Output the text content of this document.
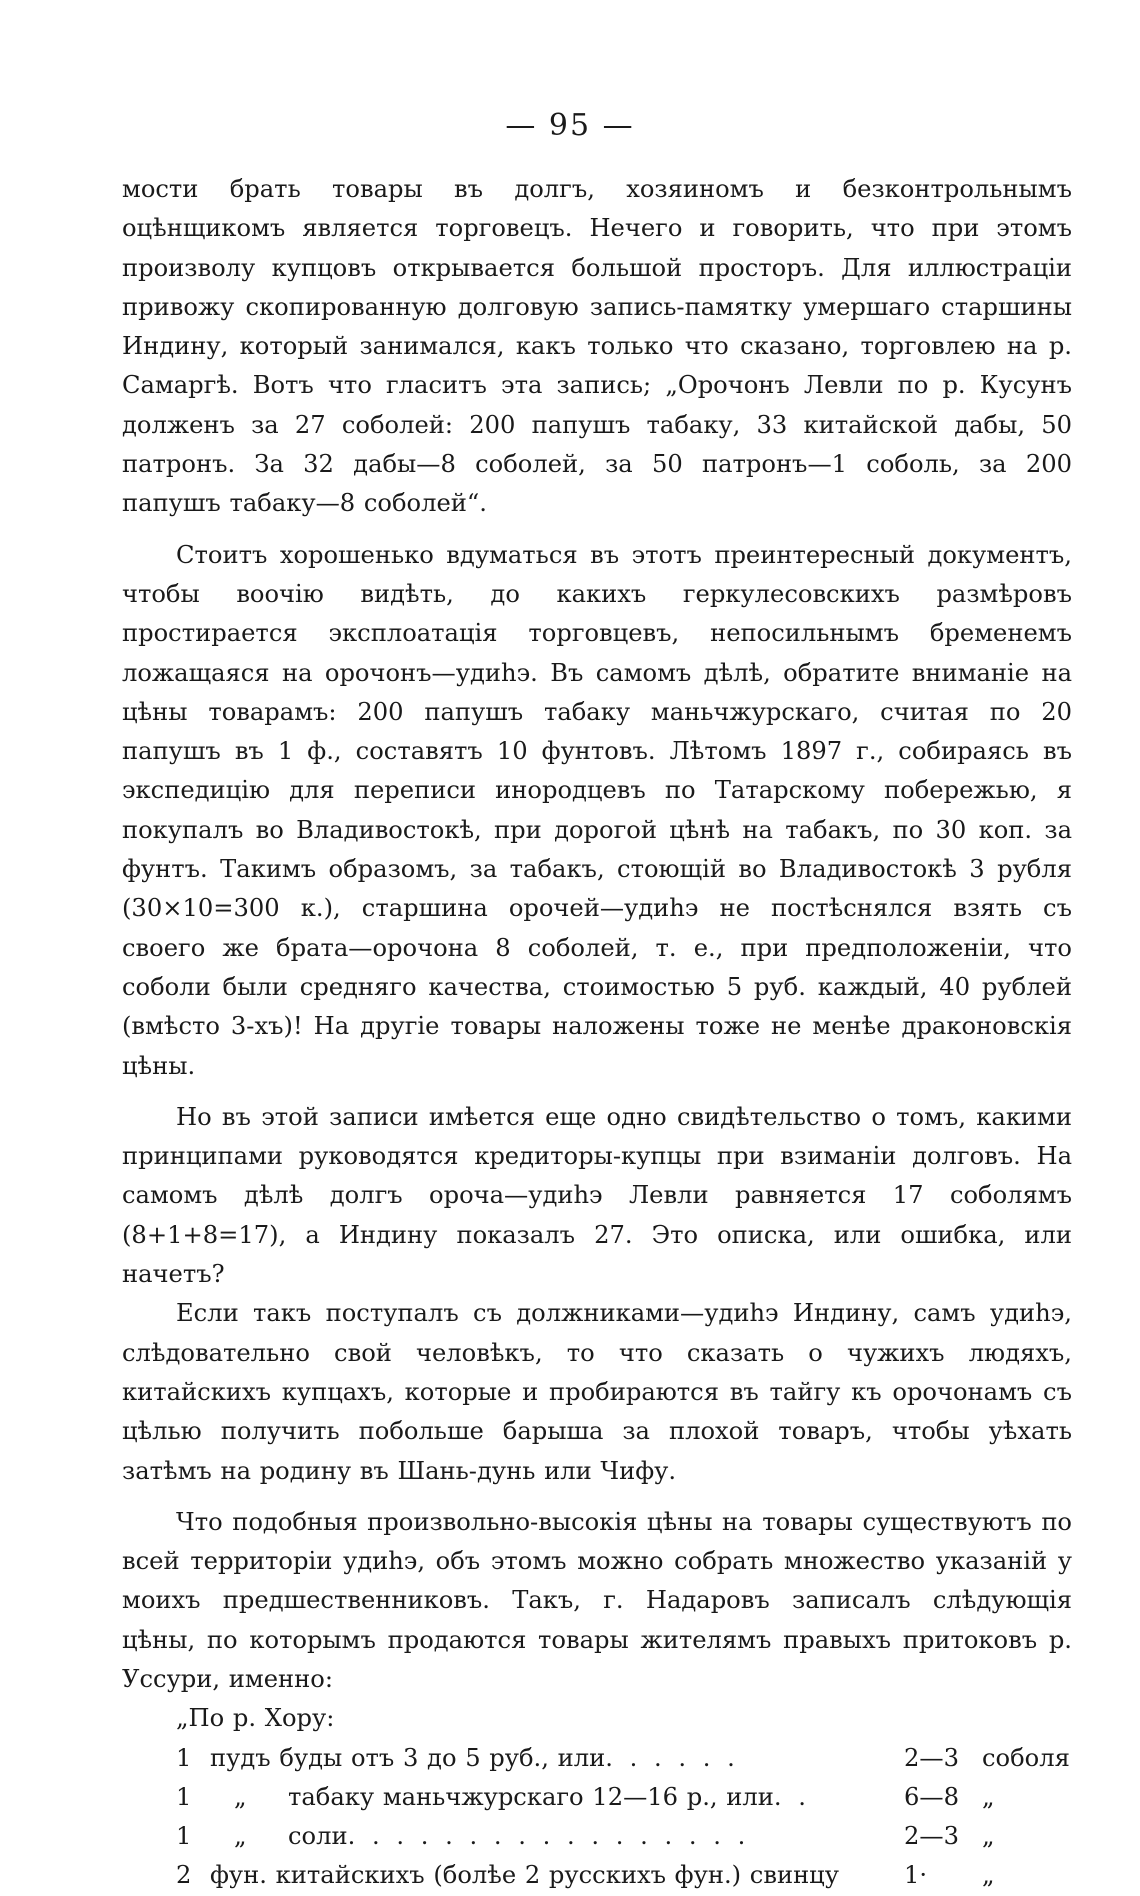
— 95 —

мости брать товары въ долгъ, хозяиномъ и безконтрольнымъ оцѣнщикомъ является торговецъ. Нечего и говорить, что при этомъ произволу купцовъ открывается большой просторъ. Для иллюстраціи привожу скопированную долговую запись-памятку умершаго старшины Индину, который занимался, какъ только что сказано, торговлею на р. Самаргѣ. Вотъ что гласитъ эта запись; „Орочонъ Левли по р. Кусунъ долженъ за 27 соболей: 200 папушъ табаку, 33 китайской дабы, 50 патронъ. За 32 дабы—8 соболей, за 50 патронъ—1 соболь, за 200 папушъ табаку—8 соболей“.

Стоитъ хорошенько вдуматься въ этотъ преинтересный документъ, чтобы воочію видѣть, до какихъ геркулесовскихъ размѣровъ простирается эксплоатація торговцевъ, непосильнымъ бременемъ ложащаяся на орочонъ—удиһэ. Въ самомъ дѣлѣ, обратите вниманіе на цѣны товарамъ: 200 папушъ табаку маньчжурскаго, считая по 20 папушъ въ 1 ф., составятъ 10 фунтовъ. Лѣтомъ 1897 г., собираясь въ экспедицію для переписи инородцевъ по Татарскому побережью, я покупалъ во Владивостокѣ, при дорогой цѣнѣ на табакъ, по 30 коп. за фунтъ. Такимъ образомъ, за табакъ, стоющій во Владивостокѣ 3 рубля (30×10=300 к.), старшина орочей—удиһэ не постѣснялся взять съ своего же брата—орочона 8 соболей, т. е., при предположеніи, что соболи были средняго качества, стоимостью 5 руб. каждый, 40 рублей (вмѣсто 3-хъ)! На другіе товары наложены тоже не менѣе драконовскія цѣны.

Но въ этой записи имѣется еще одно свидѣтельство о томъ, какими принципами руководятся кредиторы-купцы при взиманіи долговъ. На самомъ дѣлѣ долгъ ороча—удиһэ Левли равняется 17 соболямъ (8+1+8=17), а Индину показалъ 27. Это описка, или ошибка, или начетъ?

Если такъ поступалъ съ должниками—удиһэ Индину, самъ удиһэ, слѣдовательно свой человѣкъ, то что сказать о чужихъ людяхъ, китайскихъ купцахъ, которые и пробираются въ тайгу къ орочонамъ съ цѣлью получить побольше барыша за плохой товаръ, чтобы уѣхать затѣмъ на родину въ Шань-дунь или Чифу.

Что подобныя произвольно-высокія цѣны на товары существуютъ по всей территоріи удиһэ, объ этомъ можно собрать множество указаній у моихъ предшественниковъ. Такъ, г. Надаровъ записалъ слѣдующія цѣны, по которымъ продаются товары жителямъ правыхъ притоковъ р. Уссури, именно:

„По р. Хору:
1 пудъ буды отъ 3 до 5 руб., или . . . . . .	2—3 соболя
1	„	табаку маньчжурскаго 12—16 р., или . .	6—8 „
1	„	соли . . . . . . . . . . . . . . . . .	2—3 „
2 фун. китайскихъ (болѣе 2 русскихъ фун.) свинцу	1·	„
